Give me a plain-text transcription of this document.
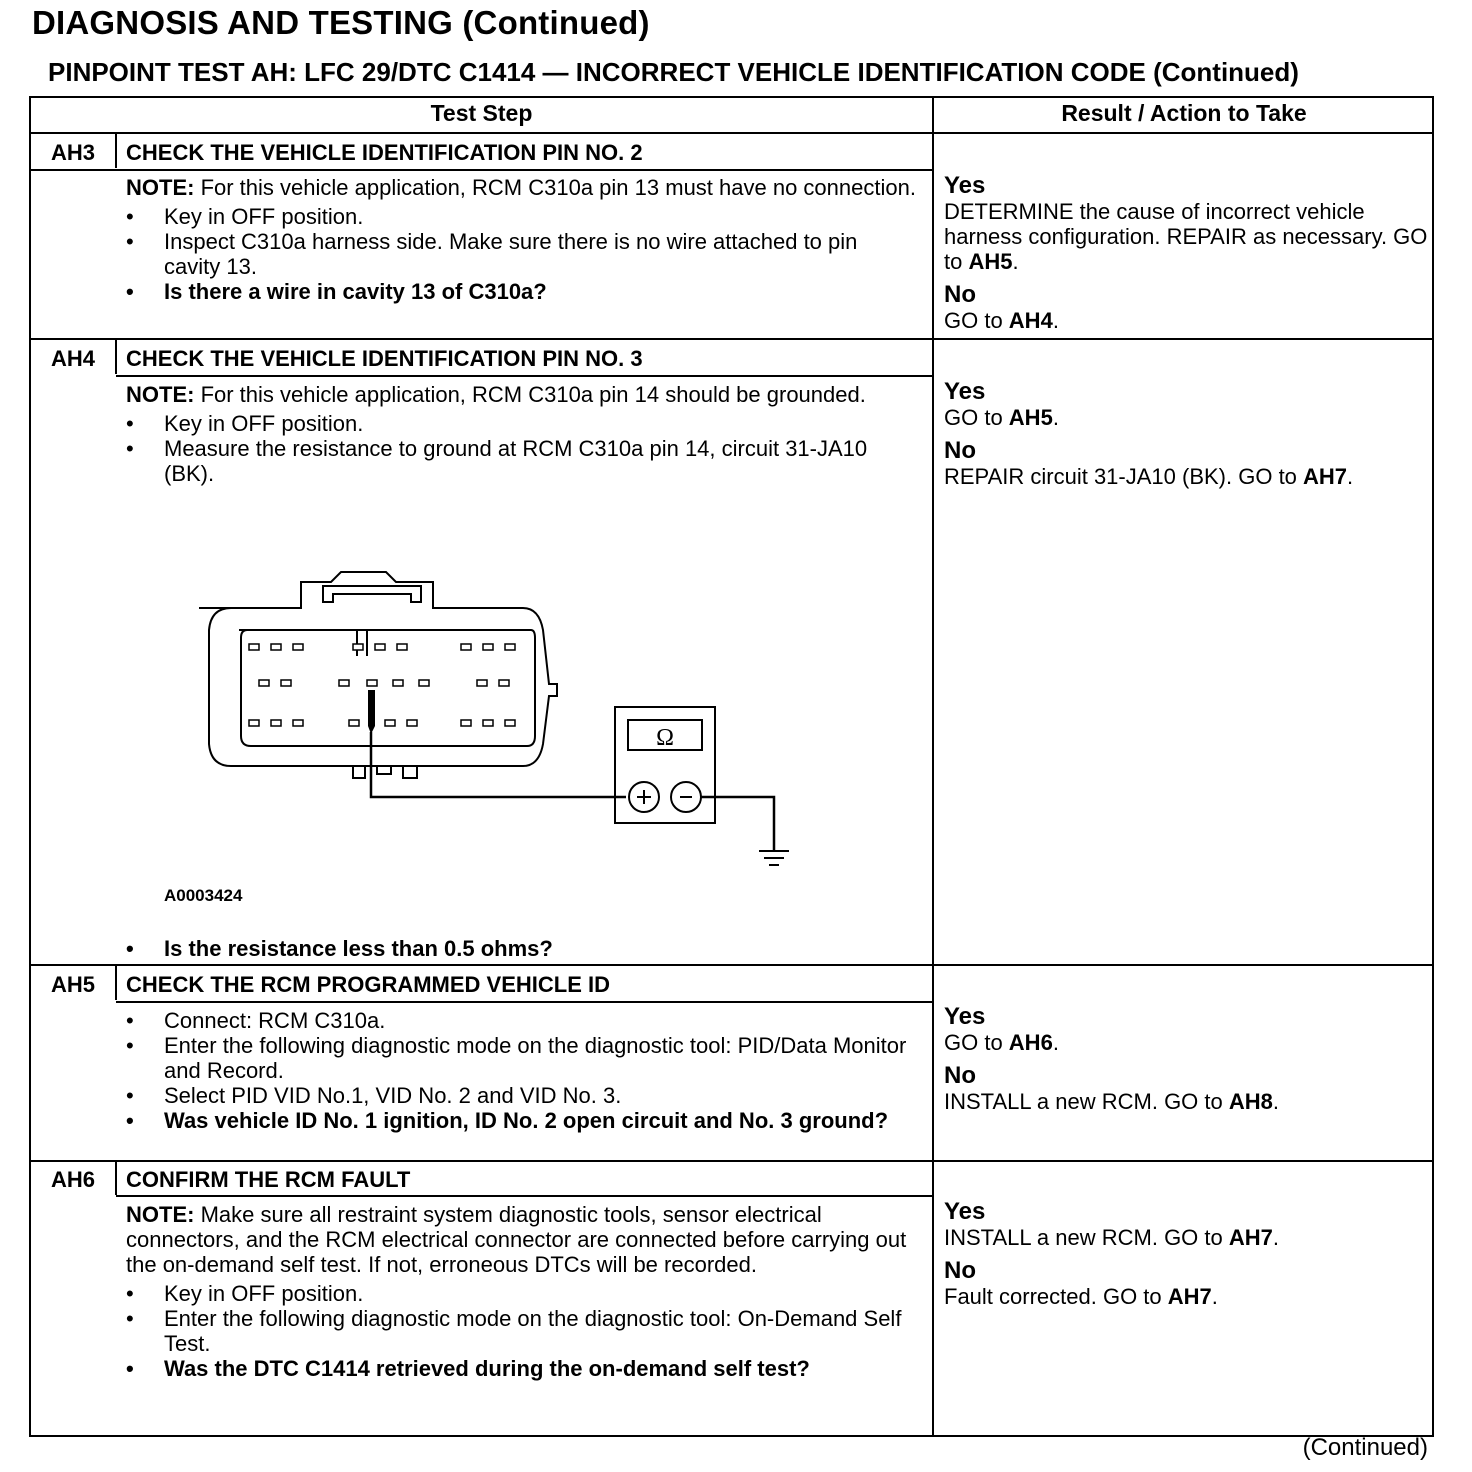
DIAGNOSIS AND TESTING (Continued)
PINPOINT TEST AH: LFC 29/DTC C1414 — INCORRECT VEHICLE IDENTIFICATION CODE (Continued)
Test Step	Result / Action to Take
AH3	CHECK THE VEHICLE IDENTIFICATION PIN NO. 2

NOTE: For this vehicle application, RCM C310a pin 13 must have no connection.

• Key in OFF position.
• Inspect C310a harness side. Make sure there is no wire attached to pin cavity 13.
• Is there a wire in cavity 13 of C310a?
Yes
DETERMINE the cause of incorrect vehicle harness configuration. REPAIR as necessary. GO to AH5.
No
GO to AH4.
AH4	CHECK THE VEHICLE IDENTIFICATION PIN NO. 3

NOTE: For this vehicle application, RCM C310a pin 14 should be grounded.

• Key in OFF position.
• Measure the resistance to ground at RCM C310a pin 14, circuit 31-JA10 (BK).
Ω
A0003424
• Is the resistance less than 0.5 ohms?
Yes
GO to AH5.
No
REPAIR circuit 31-JA10 (BK). GO to AH7.
AH5	CHECK THE RCM PROGRAMMED VEHICLE ID
• Connect: RCM C310a.
• Enter the following diagnostic mode on the diagnostic tool: PID/Data Monitor and Record.
• Select PID VID No.1, VID No. 2 and VID No. 3.
• Was vehicle ID No. 1 ignition, ID No. 2 open circuit and No. 3 ground?
Yes
GO to AH6.
No
INSTALL a new RCM. GO to AH8.
AH6	CONFIRM THE RCM FAULT

NOTE: Make sure all restraint system diagnostic tools, sensor electrical connectors, and the RCM electrical connector are connected before carrying out the on-demand self test. If not, erroneous DTCs will be recorded.

• Key in OFF position.
• Enter the following diagnostic mode on the diagnostic tool: On-Demand Self Test.
• Was the DTC C1414 retrieved during the on-demand self test?
Yes
INSTALL a new RCM. GO to AH7.
No
Fault corrected. GO to AH7.
(Continued)
